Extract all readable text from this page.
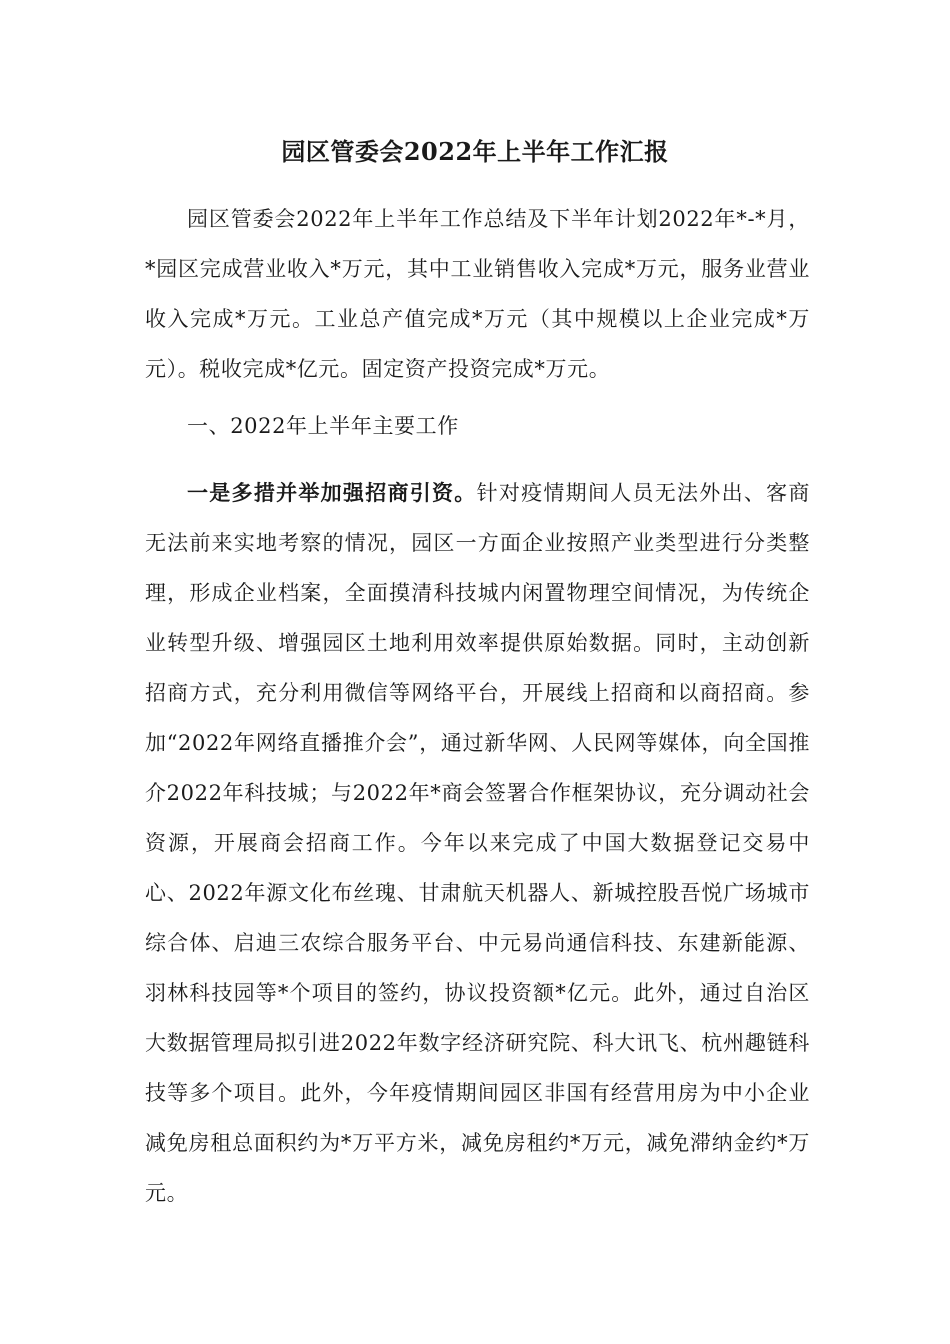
园区管委会2022年上半年工作汇报

园区管委会2022年上半年工作总结及下半年计划2022年*-*月，*园区完成营业收入*万元，其中工业销售收入完成*万元，服务业营业收入完成*万元。工业总产值完成*万元（其中规模以上企业完成*万元）。税收完成*亿元。固定资产投资完成*万元。

一、2022年上半年主要工作

一是多措并举加强招商引资。针对疫情期间人员无法外出、客商无法前来实地考察的情况，园区一方面企业按照产业类型进行分类整理，形成企业档案，全面摸清科技城内闲置物理空间情况，为传统企业转型升级、增强园区土地利用效率提供原始数据。同时，主动创新招商方式，充分利用微信等网络平台，开展线上招商和以商招商。参加“2022年网络直播推介会”，通过新华网、人民网等媒体，向全国推介2022年科技城；与2022年*商会签署合作框架协议，充分调动社会资源，开展商会招商工作。今年以来完成了中国大数据登记交易中心、2022年源文化布丝瑰、甘肃航天机器人、新城控股吾悦广场城市综合体、启迪三农综合服务平台、中元易尚通信科技、东建新能源、羽林科技园等*个项目的签约，协议投资额*亿元。此外，通过自治区大数据管理局拟引进2022年数字经济研究院、科大讯飞、杭州趣链科技等多个项目。此外，今年疫情期间园区非国有经营用房为中小企业减免房租总面积约为*万平方米，减免房租约*万元，减免滞纳金约*万元。
